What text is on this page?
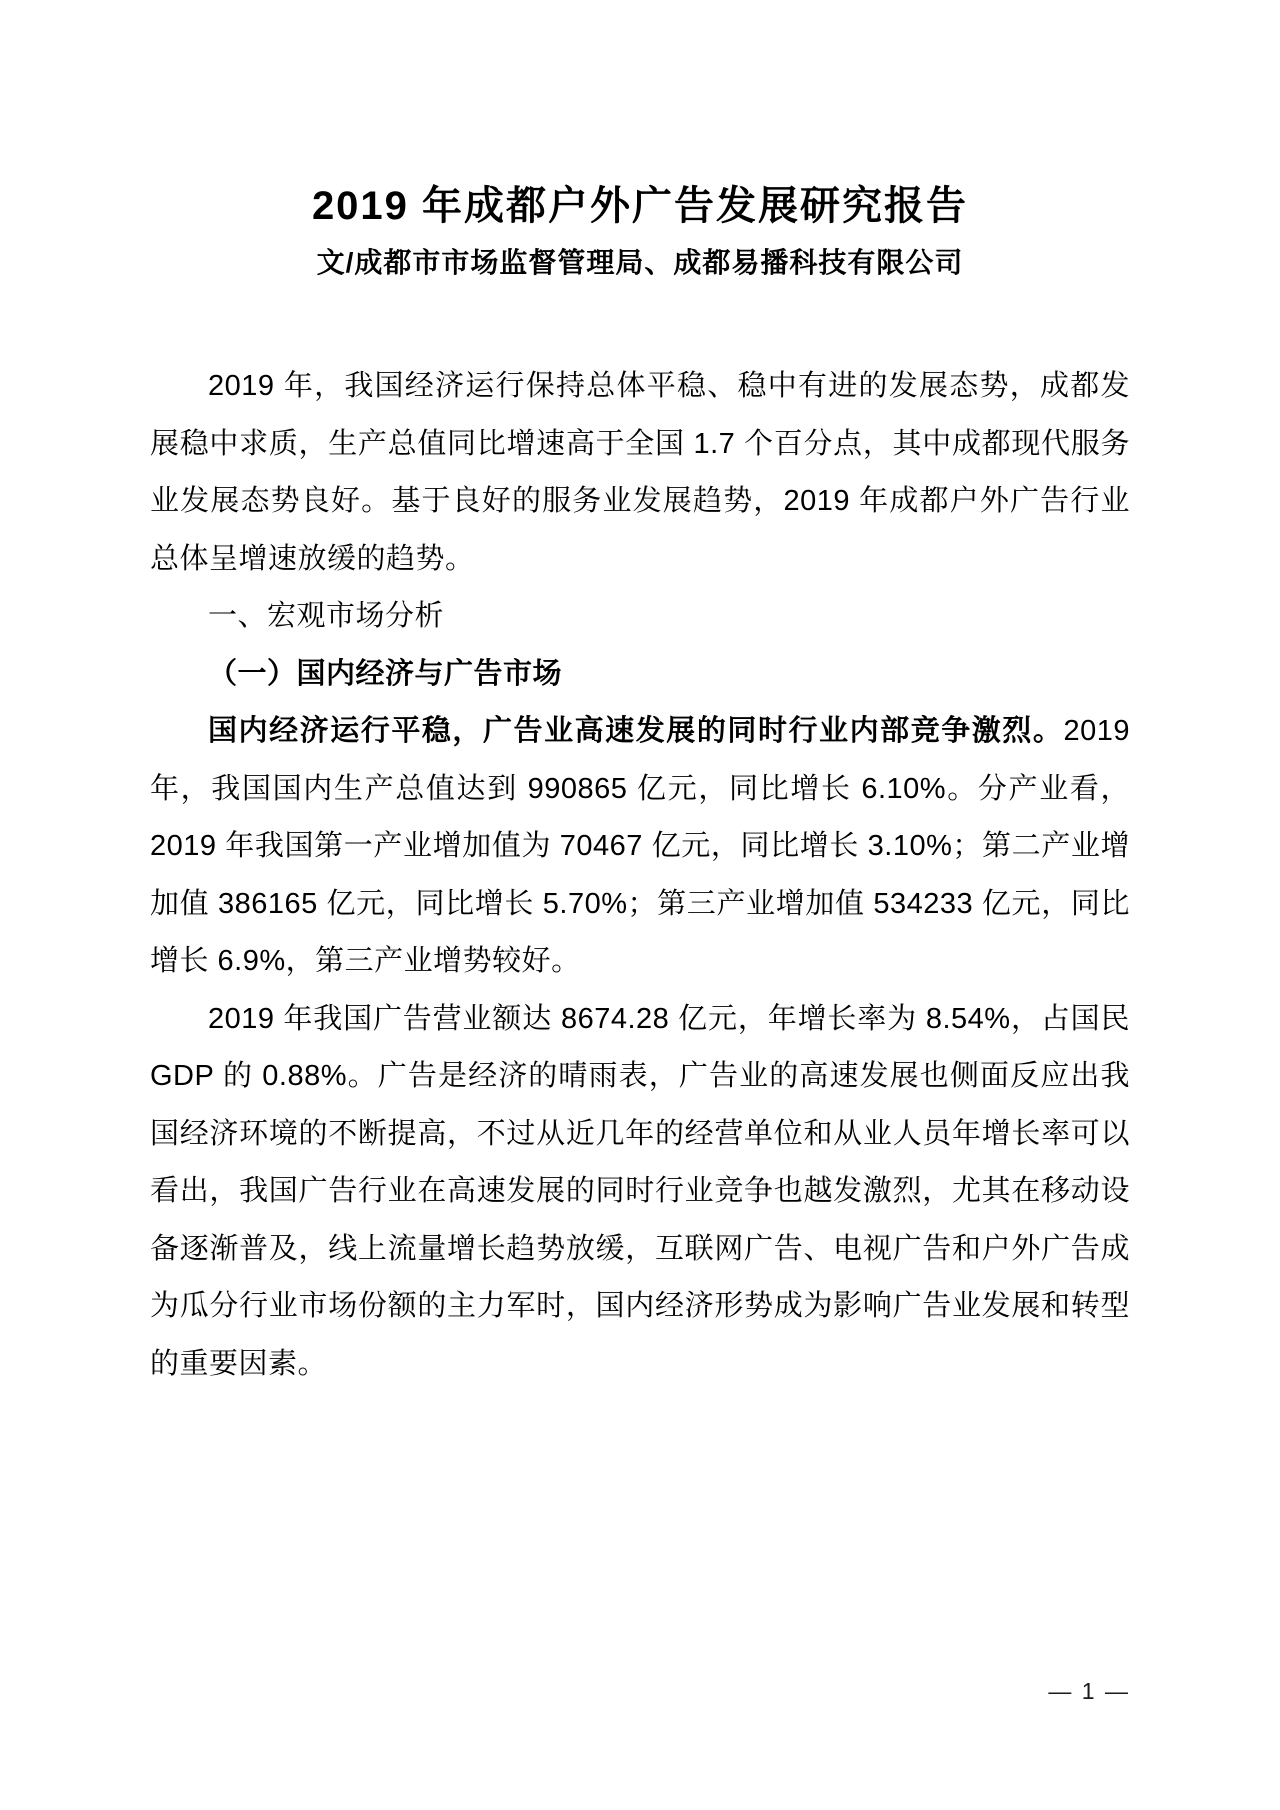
2019 年成都户外广告发展研究报告
文/成都市市场监督管理局、成都易播科技有限公司

2019 年，我国经济运行保持总体平稳、稳中有进的发展态势，成都发展稳中求质，生产总值同比增速高于全国 1.7 个百分点，其中成都现代服务业发展态势良好。基于良好的服务业发展趋势，2019 年成都户外广告行业总体呈增速放缓的趋势。

一、宏观市场分析

（一）国内经济与广告市场

国内经济运行平稳，广告业高速发展的同时行业内部竞争激烈。2019 年，我国国内生产总值达到 990865 亿元，同比增长 6.10%。分产业看，2019 年我国第一产业增加值为 70467 亿元，同比增长 3.10%；第二产业增加值 386165 亿元，同比增长 5.70%；第三产业增加值 534233 亿元，同比增长 6.9%，第三产业增势较好。

2019 年我国广告营业额达 8674.28 亿元，年增长率为 8.54%，占国民 GDP 的 0.88%。广告是经济的晴雨表，广告业的高速发展也侧面反应出我国经济环境的不断提高，不过从近几年的经营单位和从业人员年增长率可以看出，我国广告行业在高速发展的同时行业竞争也越发激烈，尤其在移动设备逐渐普及，线上流量增长趋势放缓，互联网广告、电视广告和户外广告成为瓜分行业市场份额的主力军时，国内经济形势成为影响广告业发展和转型的重要因素。

— 1 —
